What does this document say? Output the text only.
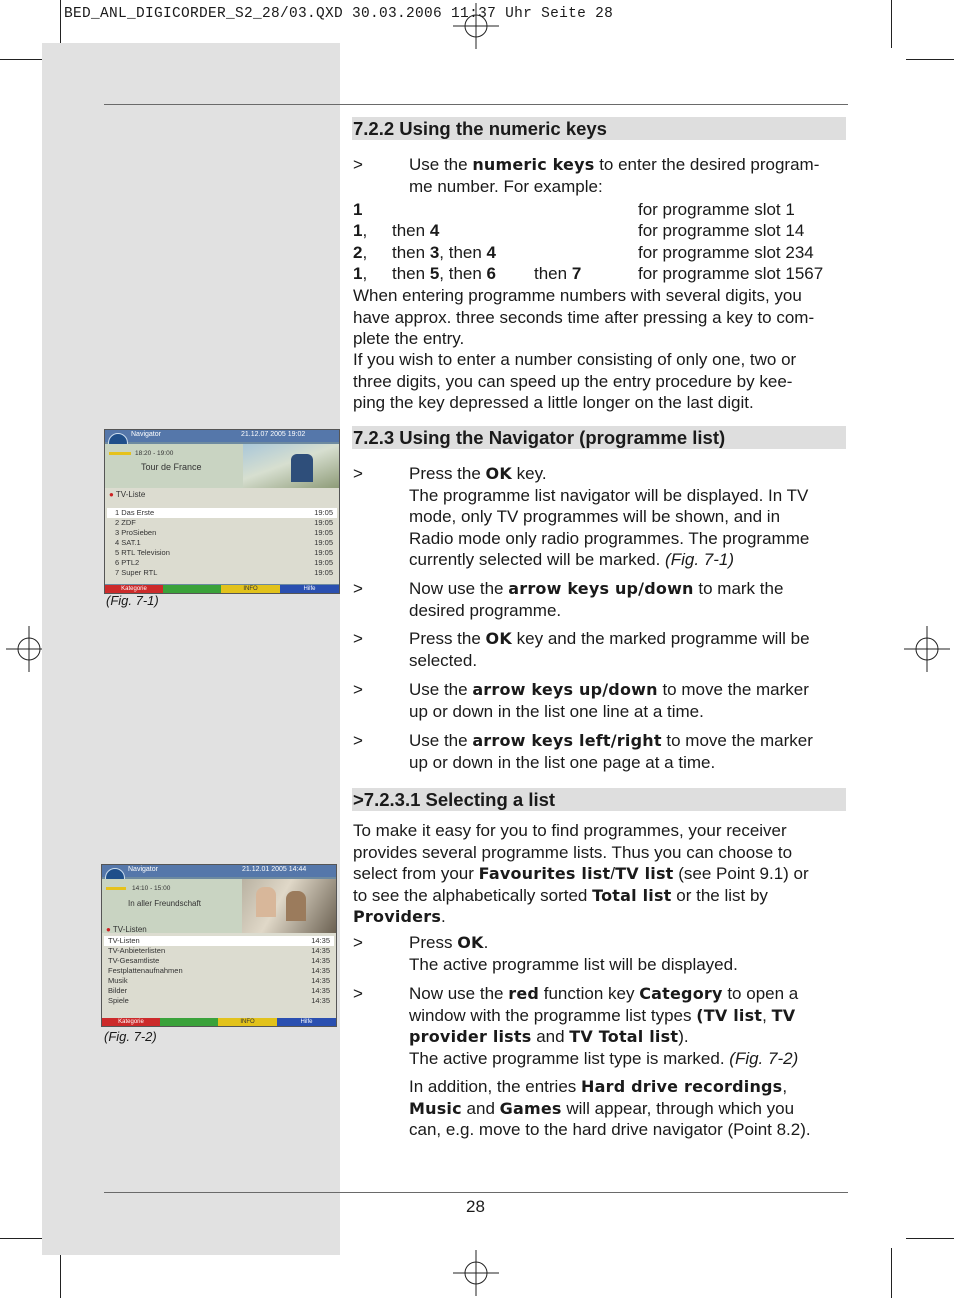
BED_ANL_DIGICORDER_S2_28/03.QXD 30.03.2006 11:37 Uhr Seite 28
7.2.2 Using the numeric keys
>	Use the numeric keys to enter the desired program-
me number. For example:
1	for programme slot 1
1, then 4	for programme slot 14
2, then 3, then 4	for programme slot 234
1, then 5, then 6 then 7	for programme slot 1567
When entering programme numbers with several digits, you
have approx. three seconds time after pressing a key to com-
plete the entry.
If you wish to enter a number consisting of only one, two or
three digits, you can speed up the entry procedure by kee-
ping the key depressed a little longer on the last digit.
7.2.3 Using the Navigator (programme list)
>	Press the OK key.
The programme list navigator will be displayed. In TV
mode, only TV programmes will be shown, and in
Radio mode only radio programmes. The programme
currently selected will be marked. (Fig. 7-1)
>	Now use the arrow keys up/down to mark the
desired programme.
>	Press the OK key and the marked programme will be
selected.
>	Use the arrow keys up/down to move the marker
up or down in the list one line at a time.
>	Use the arrow keys left/right to move the marker
up or down in the list one page at a time.
>7.2.3.1 Selecting a list
To make it easy for you to find programmes, your receiver
provides several programme lists. Thus you can choose to
select from your Favourites list/TV list (see Point 9.1) or
to see the alphabetically sorted Total list or the list by
Providers.
>	Press OK.
The active programme list will be displayed.
>	Now use the red function key Category to open a
window with the programme list types (TV list, TV
provider lists and TV Total list).
The active programme list type is marked. (Fig. 7-2)
In addition, the entries Hard drive recordings,
Music and Games will appear, through which you
can, e.g. move to the hard drive navigator (Point 8.2).
28
Navigator	21.12.07 2005 19:02
18:20 - 19:00
Tour de France
● TV-Liste
1 Das Erste	19:05
2 ZDF	19:05
3 ProSieben	19:05
4 SAT.1	19:05
5 RTL Television	19:05
6 PTL2	19:05
7 Super RTL	19:05
Kategorie	INFO	Hilfe
(Fig. 7-1)
Navigator	21.12.01 2005 14:44
14:10 - 15:00
In aller Freundschaft
● TV-Listen
TV-Listen	14:35
TV-Anbieterlisten	14:35
TV-Gesamtliste	14:35
Festplattenaufnahmen	14:35
Musik	14:35
Bilder	14:35
Spiele	14:35
Kategorie	INFO	Hilfe
(Fig. 7-2)
